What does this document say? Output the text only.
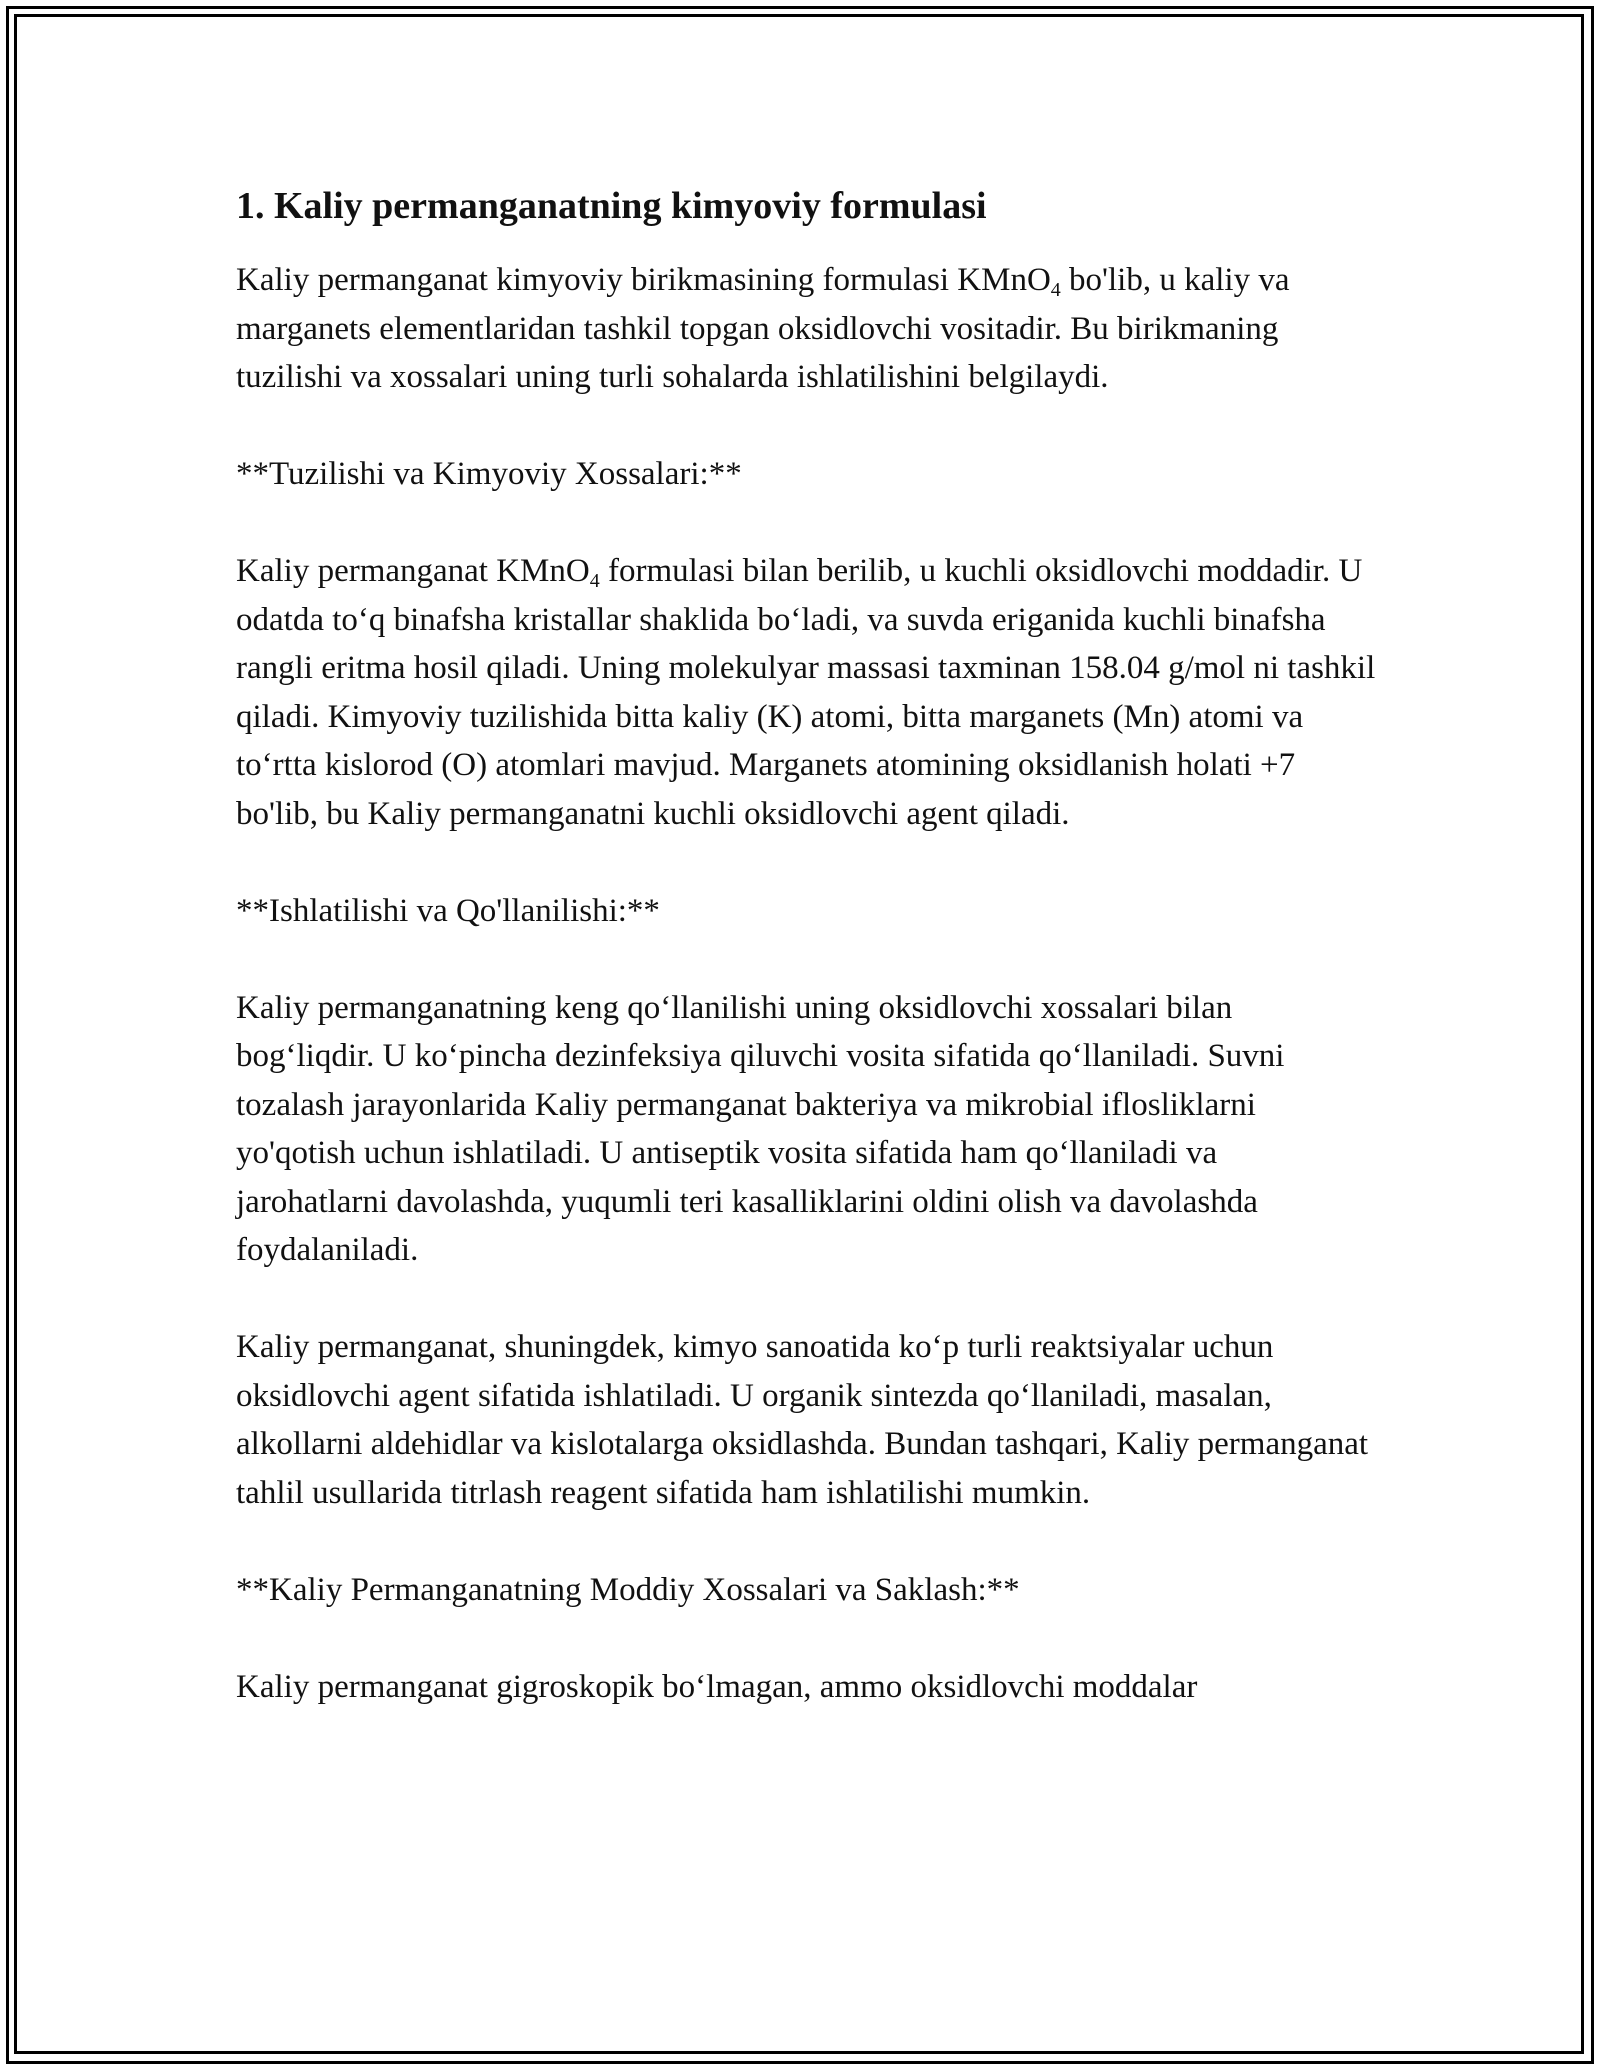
1. Kaliy permanganatning kimyoviy formulasi

Kaliy permanganat kimyoviy birikmasining formulasi KMnO$_4$ bo'lib, u kaliy va marganets elementlaridan tashkil topgan oksidlovchi vositadir. Bu birikmaning tuzilishi va xossalari uning turli sohalarda ishlatilishini belgilaydi.

**Tuzilishi va Kimyoviy Xossalari:**

Kaliy permanganat KMnO$_4$ formulasi bilan berilib, u kuchli oksidlovchi moddadir. U odatda to‘q binafsha kristallar shaklida bo‘ladi, va suvda eriganida kuchli binafsha rangli eritma hosil qiladi. Uning molekulyar massasi taxminan 158.04 g/mol ni tashkil qiladi. Kimyoviy tuzilishida bitta kaliy (K) atomi, bitta marganets (Mn) atomi va to‘rtta kislorod (O) atomlari mavjud. Marganets atomining oksidlanish holati +7 bo'lib, bu Kaliy permanganatni kuchli oksidlovchi agent qiladi.

**Ishlatilishi va Qo'llanilishi:**

Kaliy permanganatning keng qo‘llanilishi uning oksidlovchi xossalari bilan bog‘liqdir. U ko‘pincha dezinfeksiya qiluvchi vosita sifatida qo‘llaniladi. Suvni tozalash jarayonlarida Kaliy permanganat bakteriya va mikrobial iflosliklarni yo'qotish uchun ishlatiladi. U antiseptik vosita sifatida ham qo‘llaniladi va jarohatlarni davolashda, yuqumli teri kasalliklarini oldini olish va davolashda foydalaniladi.

Kaliy permanganat, shuningdek, kimyo sanoatida ko‘p turli reaktsiyalar uchun oksidlovchi agent sifatida ishlatiladi. U organik sintezda qo‘llaniladi, masalan, alkollarni aldehidlar va kislotalarga oksidlashda. Bundan tashqari, Kaliy permanganat tahlil usullarida titrlash reagent sifatida ham ishlatilishi mumkin.

**Kaliy Permanganatning Moddiy Xossalari va Saklash:**

Kaliy permanganat gigroskopik bo‘lmagan, ammo oksidlovchi moddalar
